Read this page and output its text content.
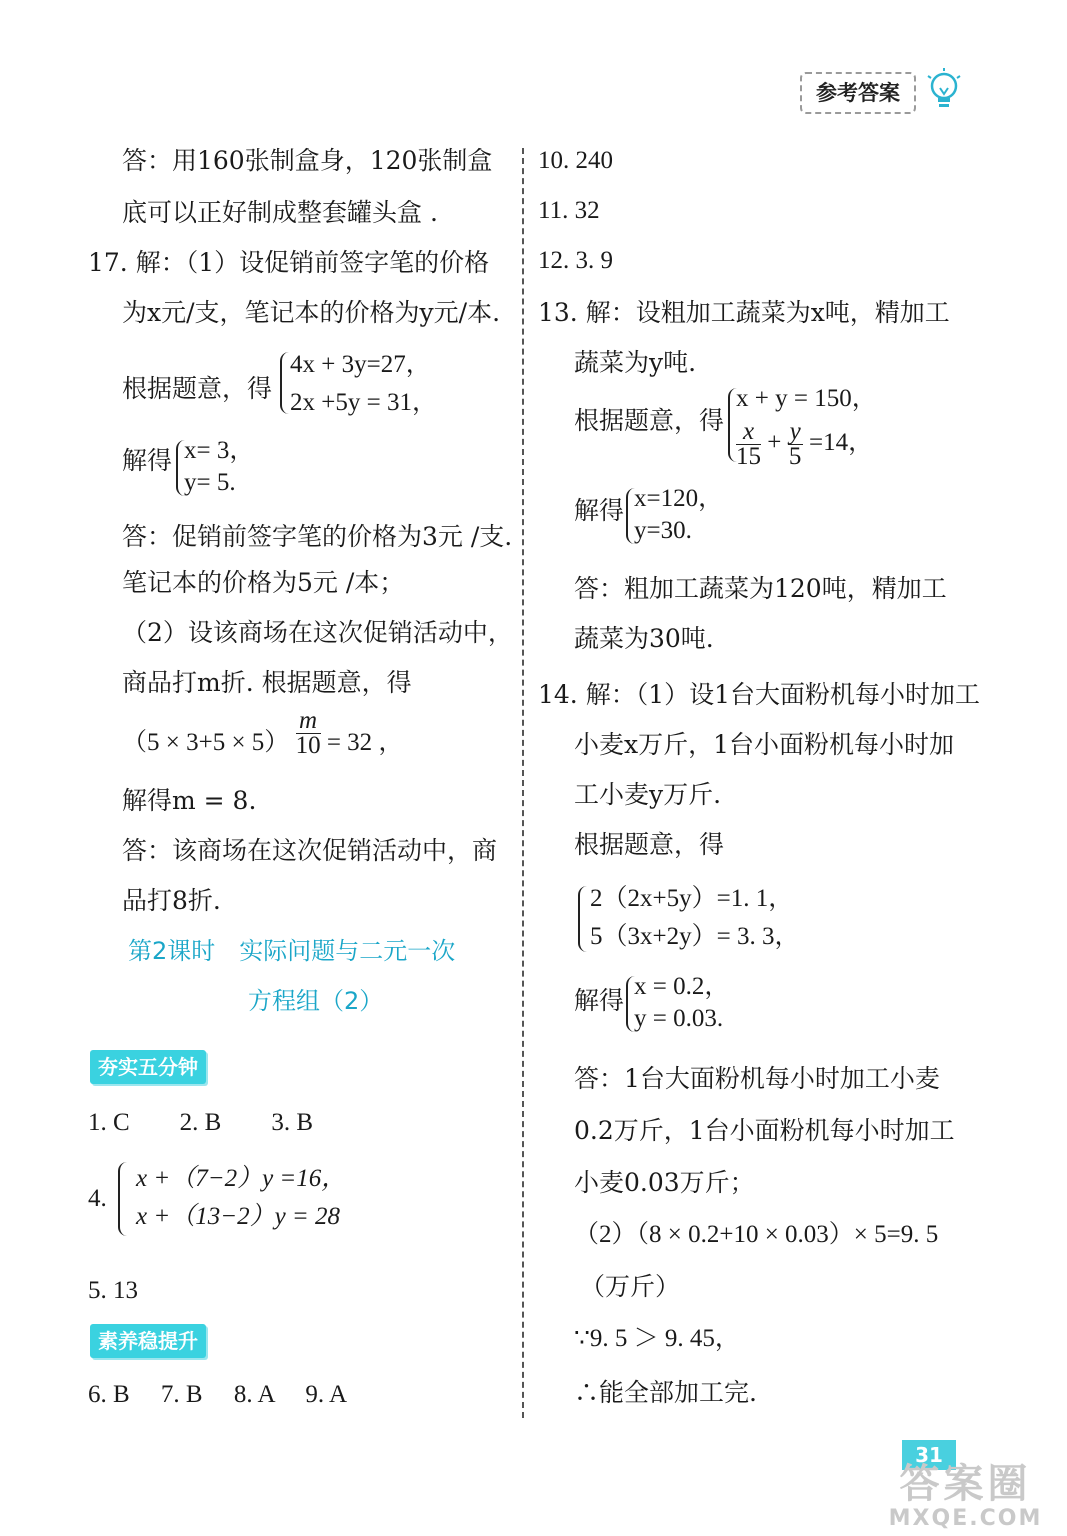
参考答案
答：用160张制盒身，120张制盒
底可以正好制成整套罐头盒 .
17. 解：（1）设促销前签字笔的价格
为x元/支，笔记本的价格为y元/本.
根据题意，得
4x + 3y=27，
2x +5y = 31，
解得 x= 3，
y= 5.
答：促销前签字笔的价格为3元 /支.
笔记本的价格为5元 /本；
（2）设该商场在这次促销活动中，
商品打m折. 根据题意，得
$(5 \times 3+5 \times 5) \frac{m}{10} = 32$ ，
解得m = 8.
答：该商场在这次促销活动中，商
品打8折.
第2课时　实际问题与二元一次
方程组（2）
夯实五分钟
1. C　　2. B　　3. B
4.
x +（7−2）y =16，
x +（13−2）y = 28
5. 13
素养稳提升
6. B　 7. B　 8. A　 9. A
10. 240
11. 32
12. 3. 9
13. 解：设粗加工蔬菜为x吨，精加工
蔬菜为y吨.
根据题意，得
x + y = 150，
$\frac{x}{15} + \frac{y}{5} =14$，
解得 x=120，
y=30.
答：粗加工蔬菜为120吨，精加工
蔬菜为30吨.
14. 解：（1）设1台大面粉机每小时加工
小麦x万斤，1台小面粉机每小时加
工小麦y万斤.
根据题意，得
2（2x+5y）=1. 1，
5（3x+2y）= 3. 3，
解得 x = 0.2，
y = 0.03.
答：1台大面粉机每小时加工小麦
0.2万斤，1台小面粉机每小时加工
小麦0.03万斤；
（2）（8 × 0.2+10 × 0.03）× 5=9. 5
（万斤）
∵9. 5 ＞ 9. 45，
∴能全部加工完.
31
答案圈
MXQE.COM
